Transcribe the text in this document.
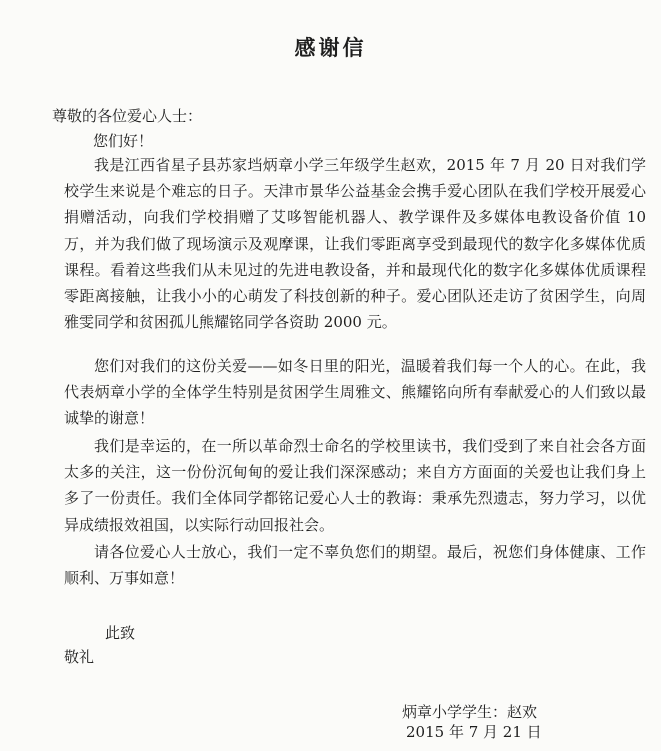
感谢信
尊敬的各位爱心人士：
您们好！

我是江西省星子县苏家垱炳章小学三年级学生赵欢，2015 年 7 月 20 日对我们学校学生来说是个难忘的日子。天津市景华公益基金会携手爱心团队在我们学校开展爱心捐赠活动，向我们学校捐赠了艾哆智能机器人、教学课件及多媒体电教设备价值 10 万，并为我们做了现场演示及观摩课，让我们零距离享受到最现代的数字化多媒体优质课程。看着这些我们从未见过的先进电教设备，并和最现代化的数字化多媒体优质课程零距离接触，让我小小的心萌发了科技创新的种子。爱心团队还走访了贫困学生，向周雅雯同学和贫困孤儿熊耀铭同学各资助 2000 元。

您们对我们的这份关爱——如冬日里的阳光，温暖着我们每一个人的心。在此，我代表炳章小学的全体学生特别是贫困学生周雅文、熊耀铭向所有奉献爱心的人们致以最诚挚的谢意！

我们是幸运的，在一所以革命烈士命名的学校里读书，我们受到了来自社会各方面太多的关注，这一份份沉甸甸的爱让我们深深感动；来自方方面面的关爱也让我们身上多了一份责任。我们全体同学都铭记爱心人士的教诲：秉承先烈遗志，努力学习，以优异成绩报效祖国，以实际行动回报社会。

请各位爱心人士放心，我们一定不辜负您们的期望。最后，祝您们身体健康、工作顺利、万事如意！

此致
敬礼
炳章小学学生：赵欢
2015 年 7 月 21 日
